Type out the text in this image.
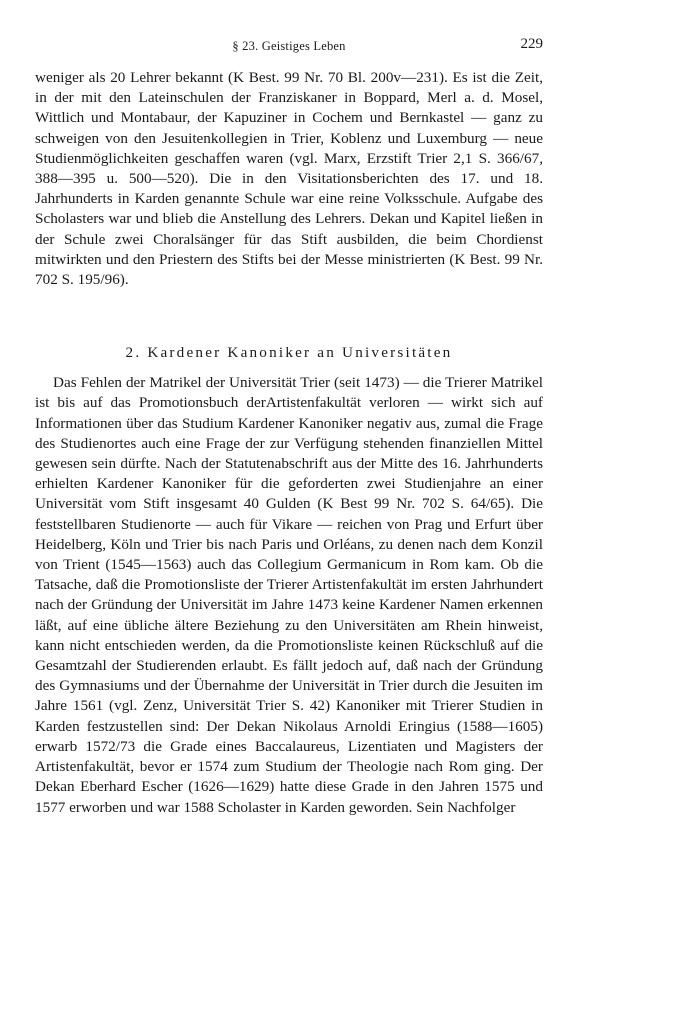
§ 23. Geistiges Leben	229

weniger als 20 Lehrer bekannt (K Best. 99 Nr. 70 Bl. 200v—231). Es ist die Zeit, in der mit den Lateinschulen der Franziskaner in Boppard, Merl a. d. Mosel, Wittlich und Montabaur, der Kapuziner in Cochem und Bernkastel — ganz zu schweigen von den Jesuitenkollegien in Trier, Koblenz und Luxemburg — neue Studienmöglichkeiten geschaffen waren (vgl. Marx, Erzstift Trier 2,1 S. 366/67, 388—395 u. 500—520). Die in den Visitationsberichten des 17. und 18. Jahrhunderts in Karden genannte Schule war eine reine Volksschule. Aufgabe des Scholasters war und blieb die Anstellung des Lehrers. Dekan und Kapitel ließen in der Schule zwei Choralsänger für das Stift ausbilden, die beim Chordienst mitwirkten und den Priestern des Stifts bei der Messe ministrierten (K Best. 99 Nr. 702 S. 195/96).

2. Kardener Kanoniker an Universitäten

Das Fehlen der Matrikel der Universität Trier (seit 1473) — die Trierer Matrikel ist bis auf das Promotionsbuch derArtistenfakultät verloren — wirkt sich auf Informationen über das Studium Kardener Kanoniker negativ aus, zumal die Frage des Studienortes auch eine Frage der zur Verfügung stehenden finanziellen Mittel gewesen sein dürfte. Nach der Statutenabschrift aus der Mitte des 16. Jahrhunderts erhielten Kardener Kanoniker für die geforderten zwei Studienjahre an einer Universität vom Stift insgesamt 40 Gulden (K Best 99 Nr. 702 S. 64/65). Die feststellbaren Studienorte — auch für Vikare — reichen von Prag und Erfurt über Heidelberg, Köln und Trier bis nach Paris und Orléans, zu denen nach dem Konzil von Trient (1545—1563) auch das Collegium Germanicum in Rom kam. Ob die Tatsache, daß die Promotionsliste der Trierer Artistenfakultät im ersten Jahrhundert nach der Gründung der Universität im Jahre 1473 keine Kardener Namen erkennen läßt, auf eine übliche ältere Beziehung zu den Universitäten am Rhein hinweist, kann nicht entschieden werden, da die Promotionsliste keinen Rückschluß auf die Gesamtzahl der Studierenden erlaubt. Es fällt jedoch auf, daß nach der Gründung des Gymnasiums und der Übernahme der Universität in Trier durch die Jesuiten im Jahre 1561 (vgl. Zenz, Universität Trier S. 42) Kanoniker mit Trierer Studien in Karden festzustellen sind: Der Dekan Nikolaus Arnoldi Eringius (1588—1605) erwarb 1572/73 die Grade eines Baccalaureus, Lizentiaten und Magisters der Artistenfakultät, bevor er 1574 zum Studium der Theologie nach Rom ging. Der Dekan Eberhard Escher (1626—1629) hatte diese Grade in den Jahren 1575 und 1577 erworben und war 1588 Scholaster in Karden geworden. Sein Nachfolger
